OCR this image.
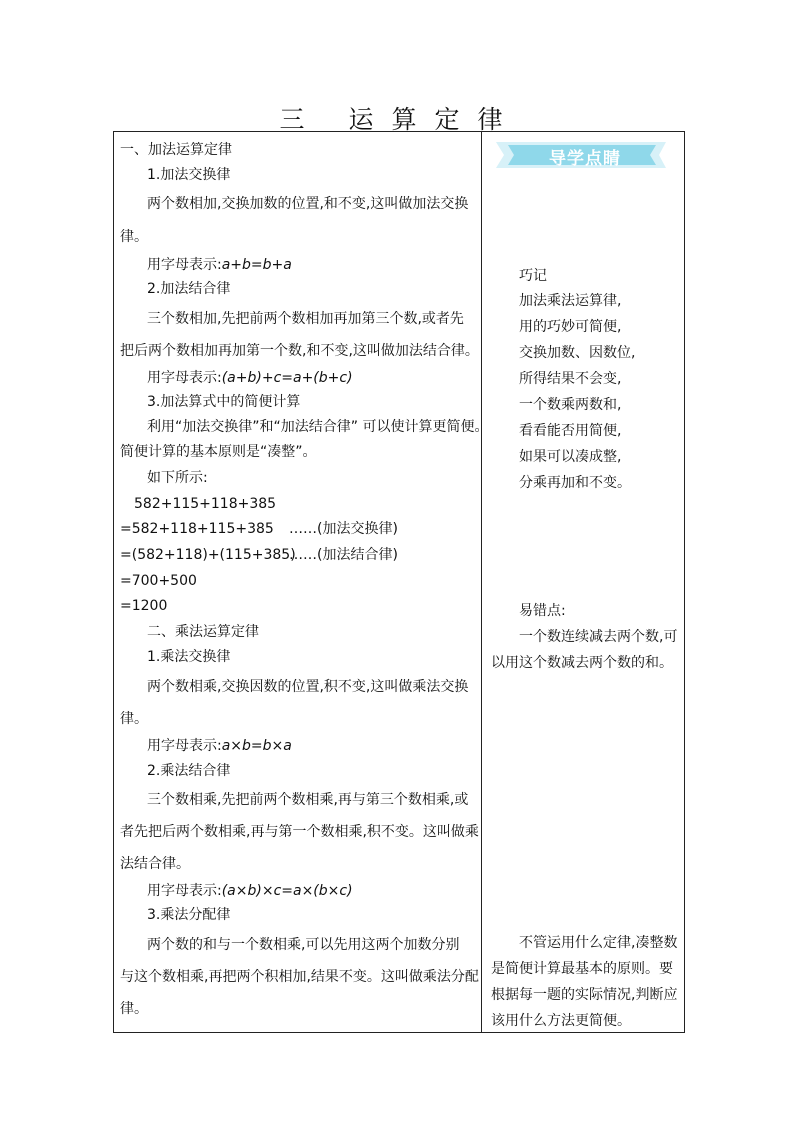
三 运算定律
一、加法运算定律
1.加法交换律
两个数相加,交换加数的位置,和不变,这叫做加法交换
律。
用字母表示:a+b=b+a
2.加法结合律
三个数相加,先把前两个数相加再加第三个数,或者先
把后两个数相加再加第一个数,和不变,这叫做加法结合律。
用字母表示:(a+b)+c=a+(b+c)
3.加法算式中的简便计算
利用“加法交换律”和“加法结合律” 可以使计算更简便。
简便计算的基本原则是“凑整”。
如下所示:
582+115+118+385
=582+118+115+385 ……(加法交换律)
=(582+118)+(115+385)
……(加法结合律)
=700+500
=1200
二、乘法运算定律
1.乘法交换律
两个数相乘,交换因数的位置,积不变,这叫做乘法交换
律。
用字母表示:a×b=b×a
2.乘法结合律
三个数相乘,先把前两个数相乘,再与第三个数相乘,或
者先把后两个数相乘,再与第一个数相乘,积不变。这叫做乘
法结合律。
用字母表示:(a×b)×c=a×(b×c)
3.乘法分配律
两个数的和与一个数相乘,可以先用这两个加数分别
与这个数相乘,再把两个积相加,结果不变。这叫做乘法分配
律。
导学点睛
巧记
加法乘法运算律,
用的巧妙可简便,
交换加数、因数位,
所得结果不会变,
一个数乘两数和,
看看能否用简便,
如果可以凑成整,
分乘再加和不变。
易错点:
一个数连续减去两个数,可
以用这个数减去两个数的和。
不管运用什么定律,凑整数
是简便计算最基本的原则。要
根据每一题的实际情况,判断应
该用什么方法更简便。
